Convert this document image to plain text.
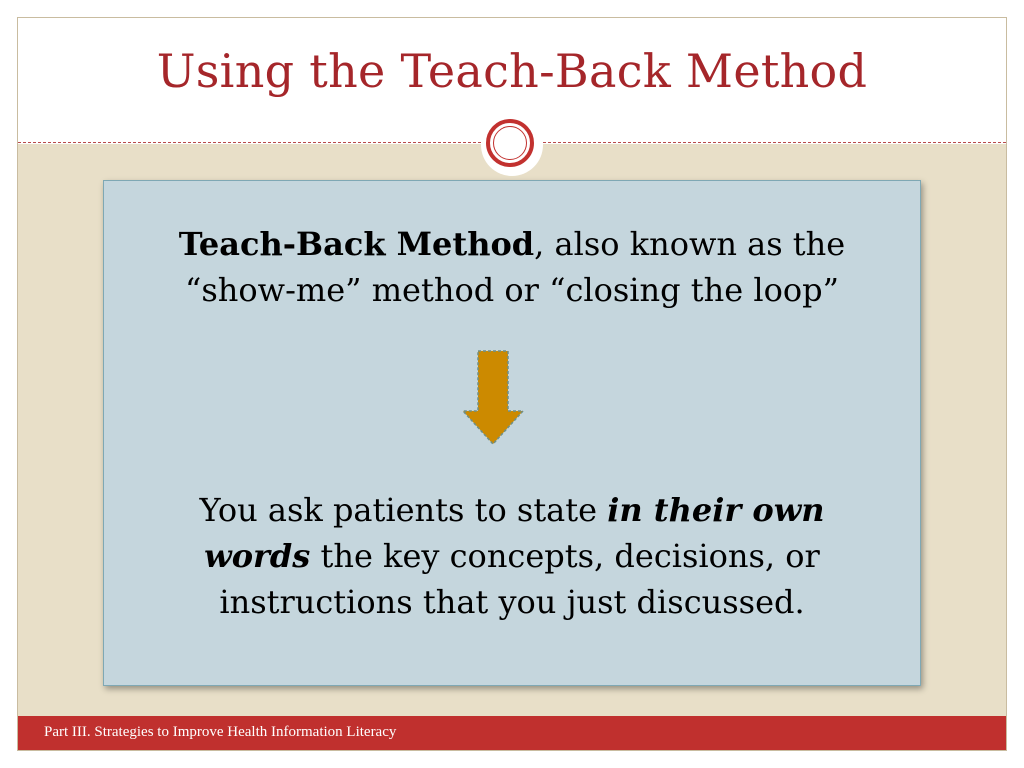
Using the Teach-Back Method

Teach-Back Method, also known as the
“show-me” method or “closing the loop”

You ask patients to state in their own
words the key concepts, decisions, or
instructions that you just discussed.

Part III. Strategies to Improve Health Information Literacy
